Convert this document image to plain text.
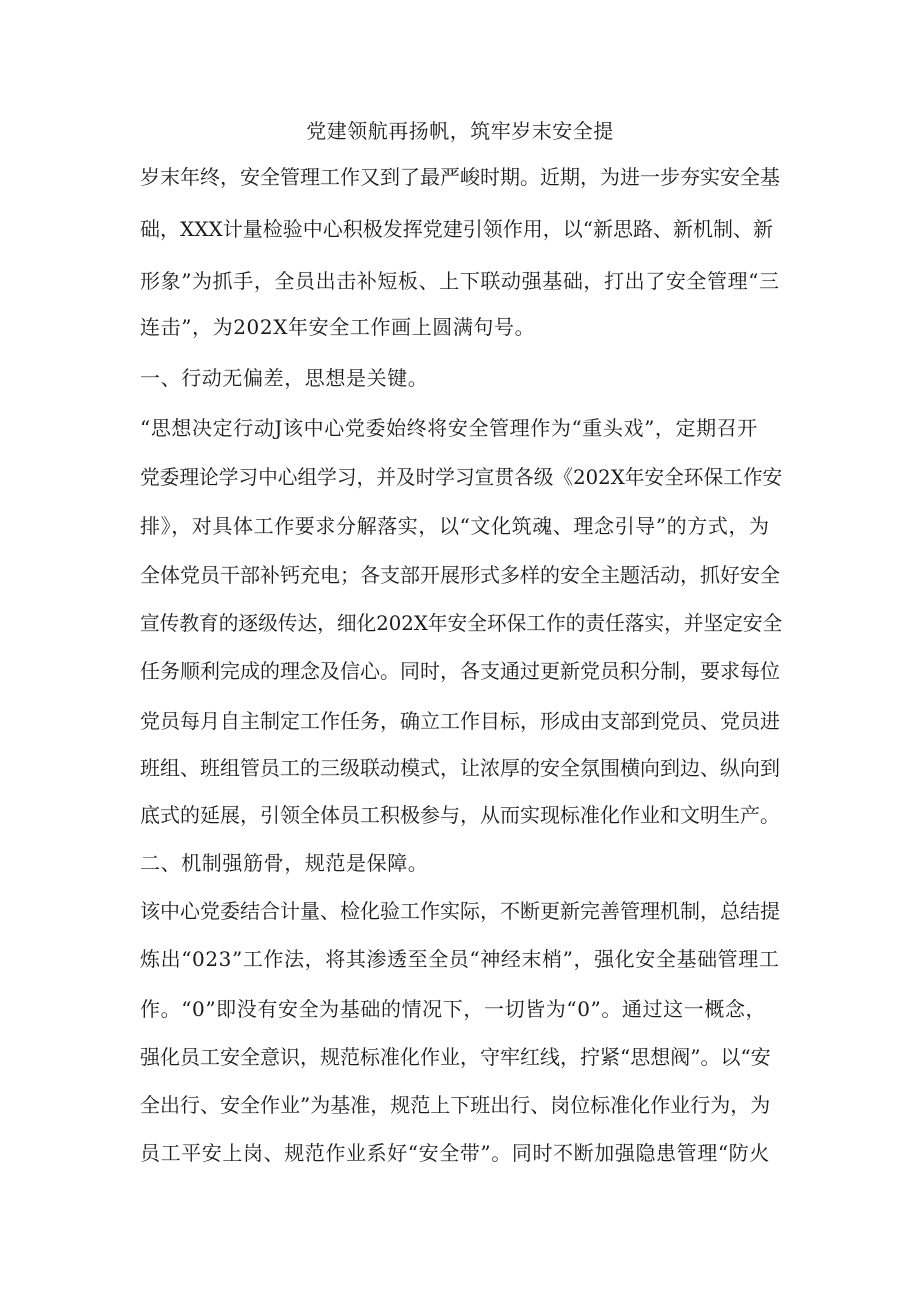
党建领航再扬帆，筑牢岁末安全提
岁末年终，安全管理工作又到了最严峻时期。近期，为进一步夯实安全基
础，XXX计量检验中心积极发挥党建引领作用，以“新思路、新机制、新
形象”为抓手，全员出击补短板、上下联动强基础，打出了安全管理“三
连击”，为202X年安全工作画上圆满句号。
一、行动无偏差，思想是关键。
“思想决定行动J该中心党委始终将安全管理作为“重头戏”，定期召开
党委理论学习中心组学习，并及时学习宣贯各级《202X年安全环保工作安
排》，对具体工作要求分解落实，以“文化筑魂、理念引导”的方式，为
全体党员干部补钙充电；各支部开展形式多样的安全主题活动，抓好安全
宣传教育的逐级传达，细化202X年安全环保工作的责任落实，并坚定安全
任务顺利完成的理念及信心。同时，各支通过更新党员积分制，要求每位
党员每月自主制定工作任务，确立工作目标，形成由支部到党员、党员进
班组、班组管员工的三级联动模式，让浓厚的安全氛围横向到边、纵向到
底式的延展，引领全体员工积极参与，从而实现标准化作业和文明生产。
二、机制强筋骨，规范是保障。
该中心党委结合计量、检化验工作实际，不断更新完善管理机制，总结提
炼出“023”工作法，将其渗透至全员“神经末梢”，强化安全基础管理工
作。“0”即没有安全为基础的情况下，一切皆为“0”。通过这一概念，
强化员工安全意识，规范标准化作业，守牢红线，拧紧“思想阀”。以“安
全出行、安全作业”为基准，规范上下班出行、岗位标准化作业行为，为
员工平安上岗、规范作业系好“安全带”。同时不断加强隐患管理“防火
